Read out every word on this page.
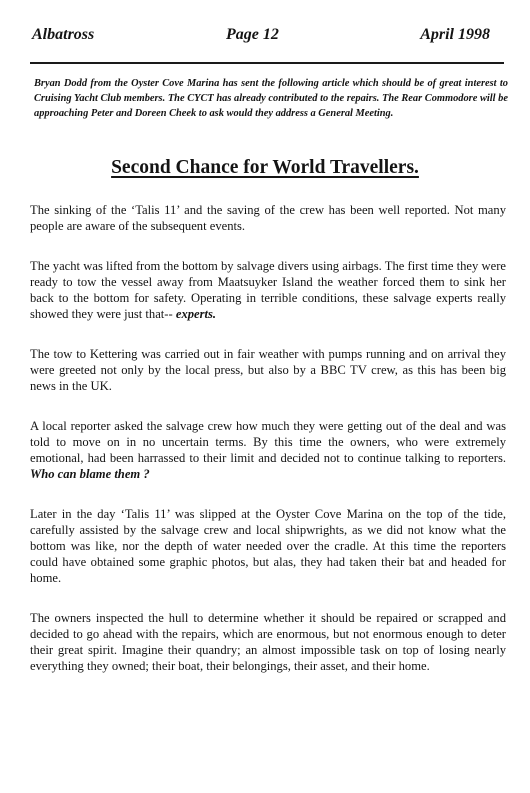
Albatross	Page 12	April 1998

Bryan Dodd from the Oyster Cove Marina has sent the following article which should be of great interest to Cruising Yacht Club members. The CYCT has already contributed to the repairs. The Rear Commodore will be approaching Peter and Doreen Cheek to ask would they address a General Meeting.

Second Chance for World Travellers.

The sinking of the ‘Talis 11’ and the saving of the crew has been well reported. Not many people are aware of the subsequent events.

The yacht was lifted from the bottom by salvage divers using airbags. The first time they were ready to tow the vessel away from Maatsuyker Island the weather forced them to sink her back to the bottom for safety. Operating in terrible conditions, these salvage experts really showed they were just that-- experts.

The tow to Kettering was carried out in fair weather with pumps running and on arrival they were greeted not only by the local press, but also by a BBC TV crew, as this has been big news in the UK.

A local reporter asked the salvage crew how much they were getting out of the deal and was told to move on in no uncertain terms. By this time the owners, who were extremely emotional, had been harrassed to their limit and decided not to continue talking to reporters. Who can blame them ?

Later in the day ‘Talis 11’ was slipped at the Oyster Cove Marina on the top of the tide, carefully assisted by the salvage crew and local shipwrights, as we did not know what the bottom was like, nor the depth of water needed over the cradle. At this time the reporters could have obtained some graphic photos, but alas, they had taken their bat and headed for home.

The owners inspected the hull to determine whether it should be repaired or scrapped and decided to go ahead with the repairs, which are enormous, but not enormous enough to deter their great spirit. Imagine their quandry; an almost impossible task on top of losing nearly everything they owned; their boat, their belongings, their asset, and their home.
